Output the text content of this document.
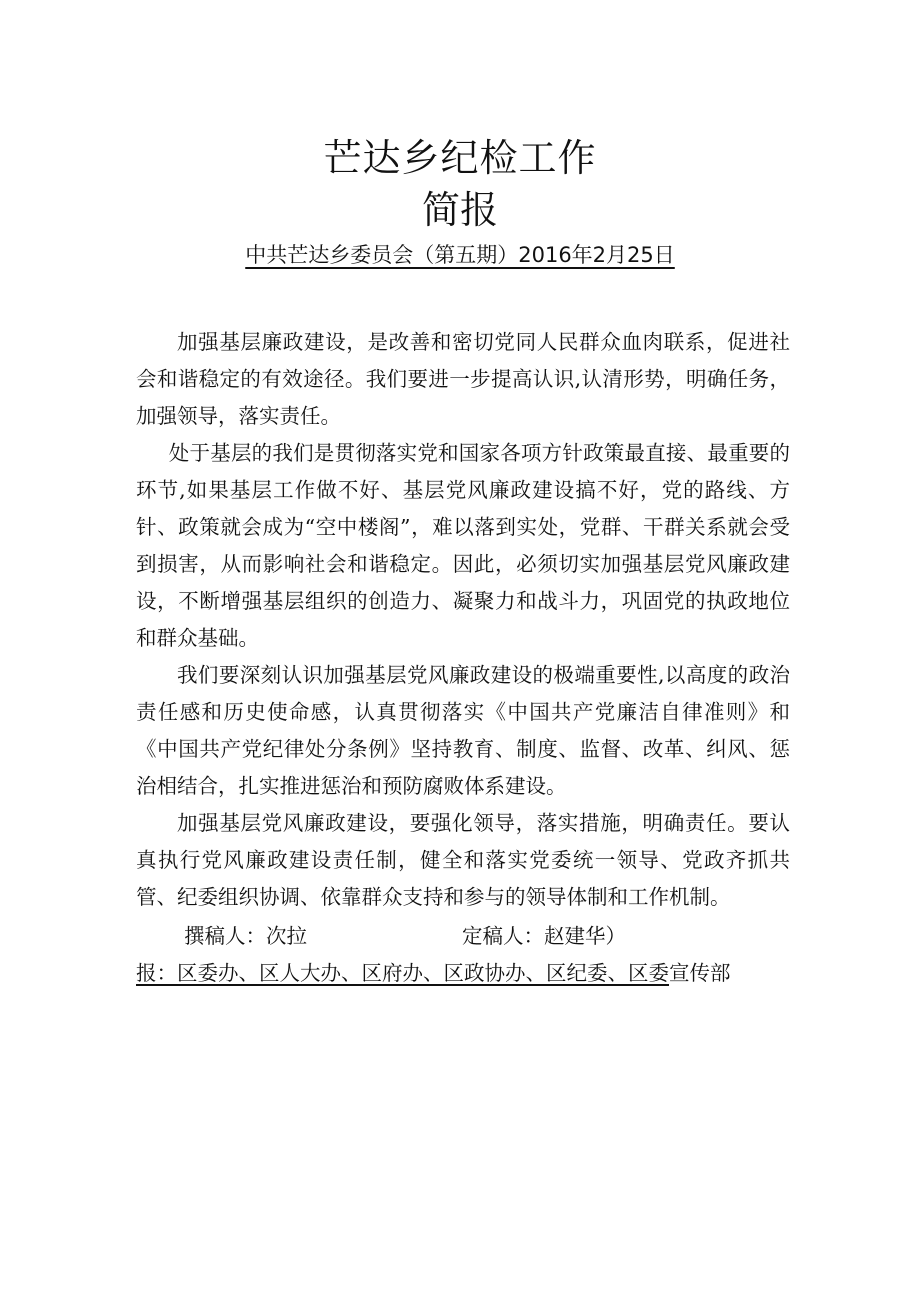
芒达乡纪检工作
简报
中共芒达乡委员会（第五期）2016年2月25日

加强基层廉政建设，是改善和密切党同人民群众血肉联系，促进社会和谐稳定的有效途径。我们要进一步提高认识,认清形势，明确任务，加强领导，落实责任。

处于基层的我们是贯彻落实党和国家各项方针政策最直接、最重要的环节,如果基层工作做不好、基层党风廉政建设搞不好，党的路线、方针、政策就会成为“空中楼阁”，难以落到实处，党群、干群关系就会受到损害，从而影响社会和谐稳定。因此，必须切实加强基层党风廉政建设，不断增强基层组织的创造力、凝聚力和战斗力，巩固党的执政地位和群众基础。

我们要深刻认识加强基层党风廉政建设的极端重要性,以高度的政治责任感和历史使命感，认真贯彻落实《中国共产党廉洁自律准则》和《中国共产党纪律处分条例》坚持教育、制度、监督、改革、纠风、惩治相结合，扎实推进惩治和预防腐败体系建设。

加强基层党风廉政建设，要强化领导，落实措施，明确责任。要认真执行党风廉政建设责任制，健全和落实党委统一领导、党政齐抓共管、纪委组织协调、依靠群众支持和参与的领导体制和工作机制。

撰稿人：次拉	定稿人：赵建华）
报：区委办、区人大办、区府办、区政协办、区纪委、区委宣传部
